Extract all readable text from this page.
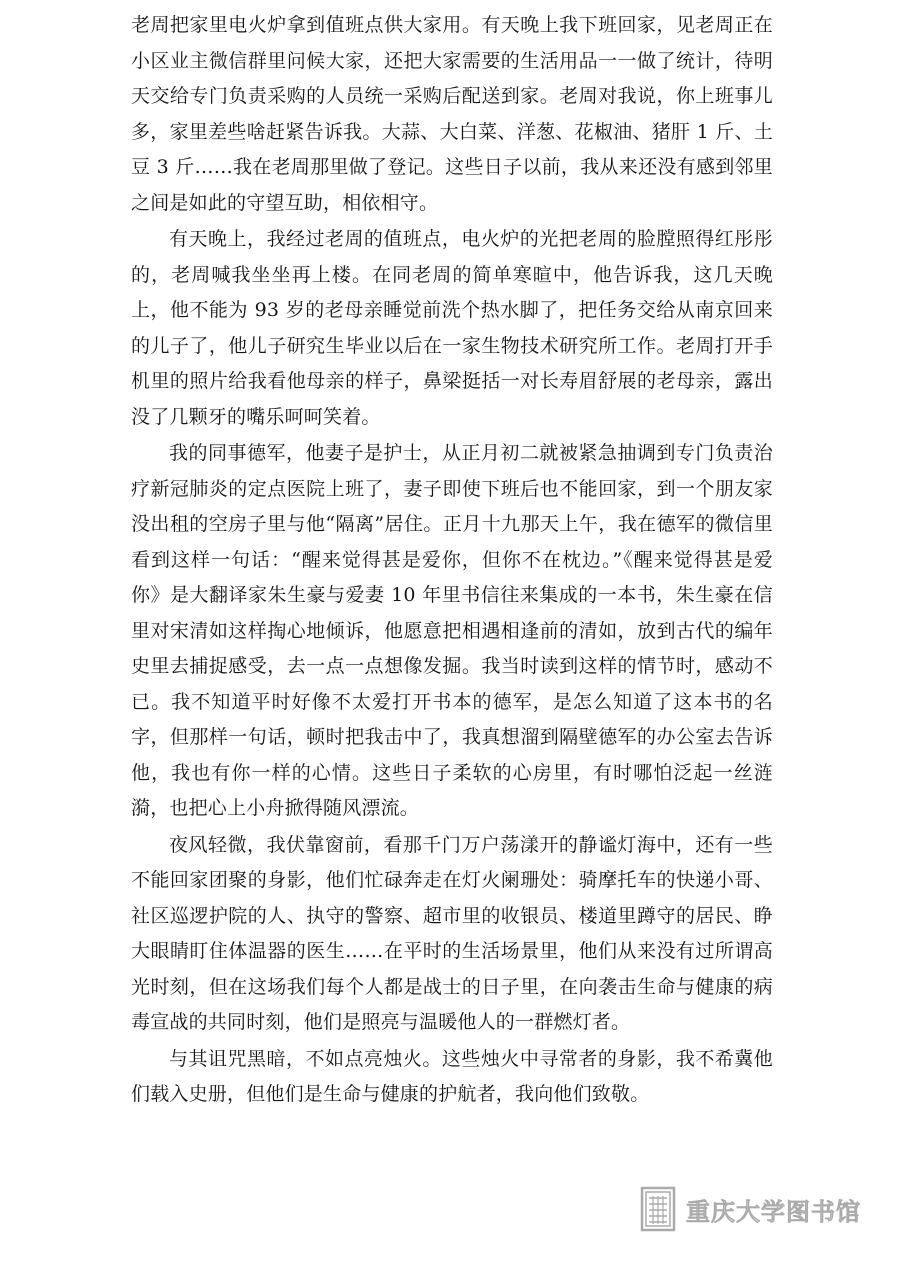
老周把家里电火炉拿到值班点供大家用。有天晚上我下班回家，见老周正在小区业主微信群里问候大家，还把大家需要的生活用品一一做了统计，待明天交给专门负责采购的人员统一采购后配送到家。老周对我说，你上班事儿多，家里差些啥赶紧告诉我。大蒜、大白菜、洋葱、花椒油、猪肝 1 斤、土豆 3 斤……我在老周那里做了登记。这些日子以前，我从来还没有感到邻里之间是如此的守望互助，相依相守。

有天晚上，我经过老周的值班点，电火炉的光把老周的脸膛照得红彤彤的，老周喊我坐坐再上楼。在同老周的简单寒暄中，他告诉我，这几天晚上，他不能为 93 岁的老母亲睡觉前洗个热水脚了，把任务交给从南京回来的儿子了，他儿子研究生毕业以后在一家生物技术研究所工作。老周打开手机里的照片给我看他母亲的样子，鼻梁挺括一对长寿眉舒展的老母亲，露出没了几颗牙的嘴乐呵呵笑着。

我的同事德军，他妻子是护士，从正月初二就被紧急抽调到专门负责治疗新冠肺炎的定点医院上班了，妻子即使下班后也不能回家，到一个朋友家没出租的空房子里与他“隔离”居住。正月十九那天上午，我在德军的微信里看到这样一句话：“醒来觉得甚是爱你，但你不在枕边。”《醒来觉得甚是爱你》是大翻译家朱生豪与爱妻 10 年里书信往来集成的一本书，朱生豪在信里对宋清如这样掏心地倾诉，他愿意把相遇相逢前的清如，放到古代的编年史里去捕捉感受，去一点一点想像发掘。我当时读到这样的情节时，感动不已。我不知道平时好像不太爱打开书本的德军，是怎么知道了这本书的名字，但那样一句话，顿时把我击中了，我真想溜到隔壁德军的办公室去告诉他，我也有你一样的心情。这些日子柔软的心房里，有时哪怕泛起一丝涟漪，也把心上小舟掀得随风漂流。

夜风轻微，我伏靠窗前，看那千门万户荡漾开的静谧灯海中，还有一些不能回家团聚的身影，他们忙碌奔走在灯火阑珊处：骑摩托车的快递小哥、社区巡逻护院的人、执守的警察、超市里的收银员、楼道里蹲守的居民、睁大眼睛盯住体温器的医生……在平时的生活场景里，他们从来没有过所谓高光时刻，但在这场我们每个人都是战士的日子里，在向袭击生命与健康的病毒宣战的共同时刻，他们是照亮与温暖他人的一群燃灯者。

与其诅咒黑暗，不如点亮烛火。这些烛火中寻常者的身影，我不希冀他们载入史册，但他们是生命与健康的护航者，我向他们致敬。

重庆大学图书馆
